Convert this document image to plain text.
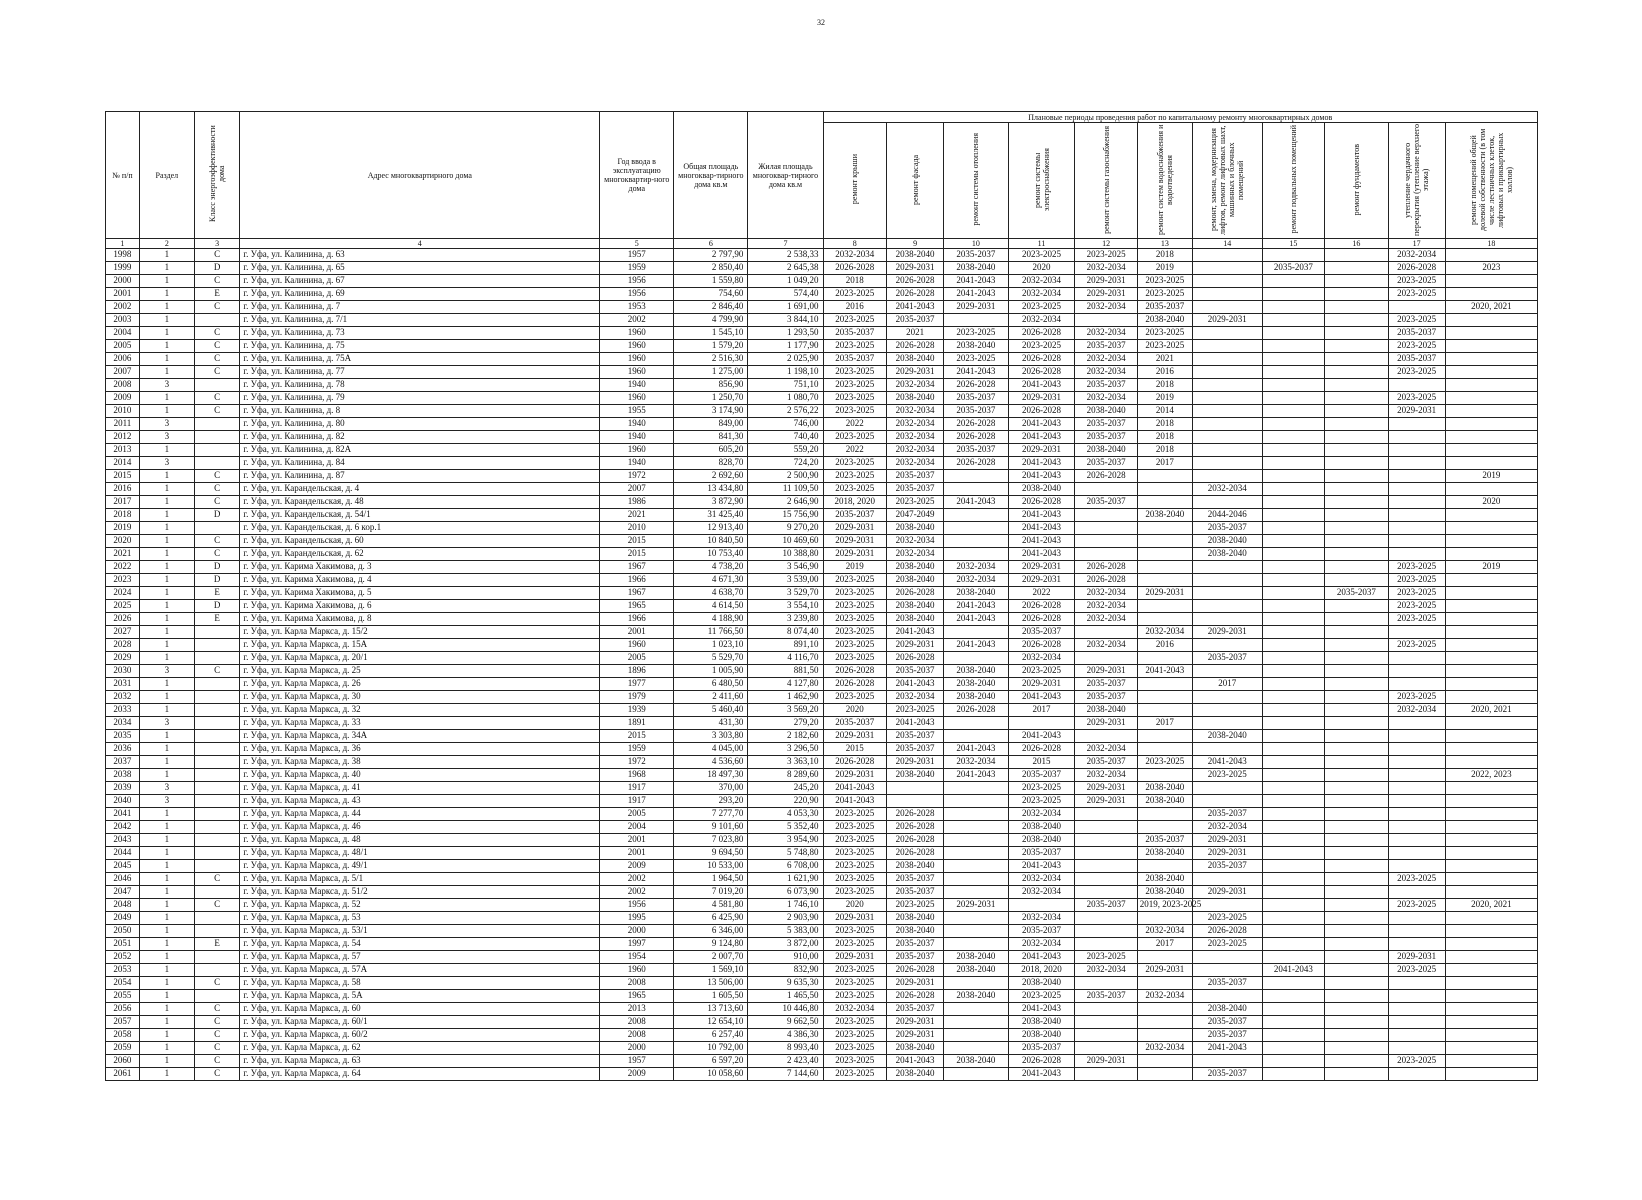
32
№ п/п	Раздел	Класс энергоэффективности дома	Адрес многоквартирного дома	Год ввода в эксплуатацию многоквартир-ного дома	Общая площадь многоквар-тирного дома кв.м	Жилая площадь многоквар-тирного дома кв.м	Плановые периоды проведения работ по капитальному ремонту многоквартирных домов										
							ремонт крыши	ремонт фасада	ремонт системы отопления	ремонт системы электроснабжения	ремонт системы газоснабжения	ремонт систем водоснабжения и водоотведения	ремонт, замена, модернизация лифтов, ремонт лифтовых шахт, машинных и блочных помещений	ремонт подвальных помещений	ремонт фундаментов	утепление чердачного перекрытия (утепление верхнего этажа)	ремонт помещений общей долевой собственности (в том числе лестничных клеток, лифтовых и приквартирных холлов)
1	2	3	4	5	6	7	8	9	10	11	12	13	14	15	16	17	18
1998	1	C	г. Уфа, ул. Калинина, д. 63	1957	2 797,90	2 538,33	2032-2034	2038-2040	2035-2037	2023-2025	2023-2025	2018				2032-2034	
1999	1	D	г. Уфа, ул. Калинина, д. 65	1959	2 850,40	2 645,38	2026-2028	2029-2031	2038-2040	2020	2032-2034	2019		2035-2037		2026-2028	2023
2000	1	C	г. Уфа, ул. Калинина, д. 67	1956	1 559,80	1 049,20	2018	2026-2028	2041-2043	2032-2034	2029-2031	2023-2025				2023-2025	
2001	1	E	г. Уфа, ул. Калинина, д. 69	1956	754,60	574,40	2023-2025	2026-2028	2041-2043	2032-2034	2029-2031	2023-2025				2023-2025	
2002	1	C	г. Уфа, ул. Калинина, д. 7	1953	2 846,40	1 691,00	2016	2041-2043	2029-2031	2023-2025	2032-2034	2035-2037					2020, 2021
2003	1		г. Уфа, ул. Калинина, д. 7/1	2002	4 799,90	3 844,10	2023-2025	2035-2037		2032-2034		2038-2040	2029-2031			2023-2025	
2004	1	C	г. Уфа, ул. Калинина, д. 73	1960	1 545,10	1 293,50	2035-2037	2021	2023-2025	2026-2028	2032-2034	2023-2025				2035-2037	
2005	1	C	г. Уфа, ул. Калинина, д. 75	1960	1 579,20	1 177,90	2023-2025	2026-2028	2038-2040	2023-2025	2035-2037	2023-2025				2023-2025	
2006	1	C	г. Уфа, ул. Калинина, д. 75А	1960	2 516,30	2 025,90	2035-2037	2038-2040	2023-2025	2026-2028	2032-2034	2021				2035-2037	
2007	1	C	г. Уфа, ул. Калинина, д. 77	1960	1 275,00	1 198,10	2023-2025	2029-2031	2041-2043	2026-2028	2032-2034	2016				2023-2025	
2008	3		г. Уфа, ул. Калинина, д. 78	1940	856,90	751,10	2023-2025	2032-2034	2026-2028	2041-2043	2035-2037	2018					
2009	1	C	г. Уфа, ул. Калинина, д. 79	1960	1 250,70	1 080,70	2023-2025	2038-2040	2035-2037	2029-2031	2032-2034	2019				2023-2025	
2010	1	C	г. Уфа, ул. Калинина, д. 8	1955	3 174,90	2 576,22	2023-2025	2032-2034	2035-2037	2026-2028	2038-2040	2014				2029-2031	
2011	3		г. Уфа, ул. Калинина, д. 80	1940	849,00	746,00	2022	2032-2034	2026-2028	2041-2043	2035-2037	2018					
2012	3		г. Уфа, ул. Калинина, д. 82	1940	841,30	740,40	2023-2025	2032-2034	2026-2028	2041-2043	2035-2037	2018					
2013	1		г. Уфа, ул. Калинина, д. 82А	1960	605,20	559,20	2022	2032-2034	2035-2037	2029-2031	2038-2040	2018					
2014	3		г. Уфа, ул. Калинина, д. 84	1940	828,70	724,20	2023-2025	2032-2034	2026-2028	2041-2043	2035-2037	2017					
2015	1	C	г. Уфа, ул. Калинина, д. 87	1972	2 692,60	2 500,90	2023-2025	2035-2037		2041-2043	2026-2028						2019
2016	1	C	г. Уфа, ул. Карандельская, д. 4	2007	13 434,80	11 109,50	2023-2025	2035-2037		2038-2040			2032-2034				
2017	1	C	г. Уфа, ул. Карандельская, д. 48	1986	3 872,90	2 646,90	2018, 2020	2023-2025	2041-2043	2026-2028	2035-2037						2020
2018	1	D	г. Уфа, ул. Карандельская, д. 54/1	2021	31 425,40	15 756,90	2035-2037	2047-2049		2041-2043		2038-2040	2044-2046				
2019	1		г. Уфа, ул. Карандельская, д. 6 кор.1	2010	12 913,40	9 270,20	2029-2031	2038-2040		2041-2043			2035-2037				
2020	1	C	г. Уфа, ул. Карандельская, д. 60	2015	10 840,50	10 469,60	2029-2031	2032-2034		2041-2043			2038-2040				
2021	1	C	г. Уфа, ул. Карандельская, д. 62	2015	10 753,40	10 388,80	2029-2031	2032-2034		2041-2043			2038-2040				
2022	1	D	г. Уфа, ул. Карима Хакимова, д. 3	1967	4 738,20	3 546,90	2019	2038-2040	2032-2034	2029-2031	2026-2028					2023-2025	2019
2023	1	D	г. Уфа, ул. Карима Хакимова, д. 4	1966	4 671,30	3 539,00	2023-2025	2038-2040	2032-2034	2029-2031	2026-2028					2023-2025	
2024	1	E	г. Уфа, ул. Карима Хакимова, д. 5	1967	4 638,70	3 529,70	2023-2025	2026-2028	2038-2040	2022	2032-2034	2029-2031			2035-2037	2023-2025	
2025	1	D	г. Уфа, ул. Карима Хакимова, д. 6	1965	4 614,50	3 554,10	2023-2025	2038-2040	2041-2043	2026-2028	2032-2034					2023-2025	
2026	1	E	г. Уфа, ул. Карима Хакимова, д. 8	1966	4 188,90	3 239,80	2023-2025	2038-2040	2041-2043	2026-2028	2032-2034					2023-2025	
2027	1		г. Уфа, ул. Карла Маркса, д. 15/2	2001	11 766,50	8 074,40	2023-2025	2041-2043		2035-2037		2032-2034	2029-2031				
2028	1		г. Уфа, ул. Карла Маркса, д. 15А	1960	1 023,10	891,10	2023-2025	2029-2031	2041-2043	2026-2028	2032-2034	2016				2023-2025	
2029	1		г. Уфа, ул. Карла Маркса, д. 20/1	2005	5 529,70	4 116,70	2023-2025	2026-2028		2032-2034			2035-2037				
2030	3	C	г. Уфа, ул. Карла Маркса, д. 25	1896	1 005,90	881,50	2026-2028	2035-2037	2038-2040	2023-2025	2029-2031	2041-2043					
2031	1		г. Уфа, ул. Карла Маркса, д. 26	1977	6 480,50	4 127,80	2026-2028	2041-2043	2038-2040	2029-2031	2035-2037		2017				
2032	1		г. Уфа, ул. Карла Маркса, д. 30	1979	2 411,60	1 462,90	2023-2025	2032-2034	2038-2040	2041-2043	2035-2037					2023-2025	
2033	1		г. Уфа, ул. Карла Маркса, д. 32	1939	5 460,40	3 569,20	2020	2023-2025	2026-2028	2017	2038-2040					2032-2034	2020, 2021
2034	3		г. Уфа, ул. Карла Маркса, д. 33	1891	431,30	279,20	2035-2037	2041-2043			2029-2031	2017					
2035	1		г. Уфа, ул. Карла Маркса, д. 34А	2015	3 303,80	2 182,60	2029-2031	2035-2037		2041-2043			2038-2040				
2036	1		г. Уфа, ул. Карла Маркса, д. 36	1959	4 045,00	3 296,50	2015	2035-2037	2041-2043	2026-2028	2032-2034						
2037	1		г. Уфа, ул. Карла Маркса, д. 38	1972	4 536,60	3 363,10	2026-2028	2029-2031	2032-2034	2015	2035-2037	2023-2025	2041-2043				
2038	1		г. Уфа, ул. Карла Маркса, д. 40	1968	18 497,30	8 289,60	2029-2031	2038-2040	2041-2043	2035-2037	2032-2034		2023-2025				2022, 2023
2039	3		г. Уфа, ул. Карла Маркса, д. 41	1917	370,00	245,20	2041-2043			2023-2025	2029-2031	2038-2040					
2040	3		г. Уфа, ул. Карла Маркса, д. 43	1917	293,20	220,90	2041-2043			2023-2025	2029-2031	2038-2040					
2041	1		г. Уфа, ул. Карла Маркса, д. 44	2005	7 277,70	4 053,30	2023-2025	2026-2028		2032-2034			2035-2037				
2042	1		г. Уфа, ул. Карла Маркса, д. 46	2004	9 101,60	5 352,40	2023-2025	2026-2028		2038-2040			2032-2034				
2043	1		г. Уфа, ул. Карла Маркса, д. 48	2001	7 023,80	3 954,90	2023-2025	2026-2028		2038-2040		2035-2037	2029-2031				
2044	1		г. Уфа, ул. Карла Маркса, д. 48/1	2001	9 694,50	5 748,80	2023-2025	2026-2028		2035-2037		2038-2040	2029-2031				
2045	1		г. Уфа, ул. Карла Маркса, д. 49/1	2009	10 533,00	6 708,00	2023-2025	2038-2040		2041-2043			2035-2037				
2046	1	C	г. Уфа, ул. Карла Маркса, д. 5/1	2002	1 964,50	1 621,90	2023-2025	2035-2037		2032-2034		2038-2040				2023-2025	
2047	1		г. Уфа, ул. Карла Маркса, д. 51/2	2002	7 019,20	6 073,90	2023-2025	2035-2037		2032-2034		2038-2040	2029-2031				
2048	1	C	г. Уфа, ул. Карла Маркса, д. 52	1956	4 581,80	1 746,10	2020	2023-2025	2029-2031		2035-2037	2019, 2023-2025				2023-2025	2020, 2021
2049	1		г. Уфа, ул. Карла Маркса, д. 53	1995	6 425,90	2 903,90	2029-2031	2038-2040		2032-2034			2023-2025				
2050	1		г. Уфа, ул. Карла Маркса, д. 53/1	2000	6 346,00	5 383,00	2023-2025	2038-2040		2035-2037		2032-2034	2026-2028				
2051	1	E	г. Уфа, ул. Карла Маркса, д. 54	1997	9 124,80	3 872,00	2023-2025	2035-2037		2032-2034		2017	2023-2025				
2052	1		г. Уфа, ул. Карла Маркса, д. 57	1954	2 007,70	910,00	2029-2031	2035-2037	2038-2040	2041-2043	2023-2025					2029-2031	
2053	1		г. Уфа, ул. Карла Маркса, д. 57А	1960	1 569,10	832,90	2023-2025	2026-2028	2038-2040	2018, 2020	2032-2034	2029-2031		2041-2043		2023-2025	
2054	1	C	г. Уфа, ул. Карла Маркса, д. 58	2008	13 506,00	9 635,30	2023-2025	2029-2031		2038-2040			2035-2037				
2055	1		г. Уфа, ул. Карла Маркса, д. 5А	1965	1 605,50	1 465,50	2023-2025	2026-2028	2038-2040	2023-2025	2035-2037	2032-2034					
2056	1	C	г. Уфа, ул. Карла Маркса, д. 60	2013	13 713,60	10 446,80	2032-2034	2035-2037		2041-2043			2038-2040				
2057	1	C	г. Уфа, ул. Карла Маркса, д. 60/1	2008	12 654,10	9 662,50	2023-2025	2029-2031		2038-2040			2035-2037				
2058	1	C	г. Уфа, ул. Карла Маркса, д. 60/2	2008	6 257,40	4 386,30	2023-2025	2029-2031		2038-2040			2035-2037				
2059	1	C	г. Уфа, ул. Карла Маркса, д. 62	2000	10 792,00	8 993,40	2023-2025	2038-2040		2035-2037		2032-2034	2041-2043				
2060	1	C	г. Уфа, ул. Карла Маркса, д. 63	1957	6 597,20	2 423,40	2023-2025	2041-2043	2038-2040	2026-2028	2029-2031					2023-2025	
2061	1	C	г. Уфа, ул. Карла Маркса, д. 64	2009	10 058,60	7 144,60	2023-2025	2038-2040		2041-2043			2035-2037				
